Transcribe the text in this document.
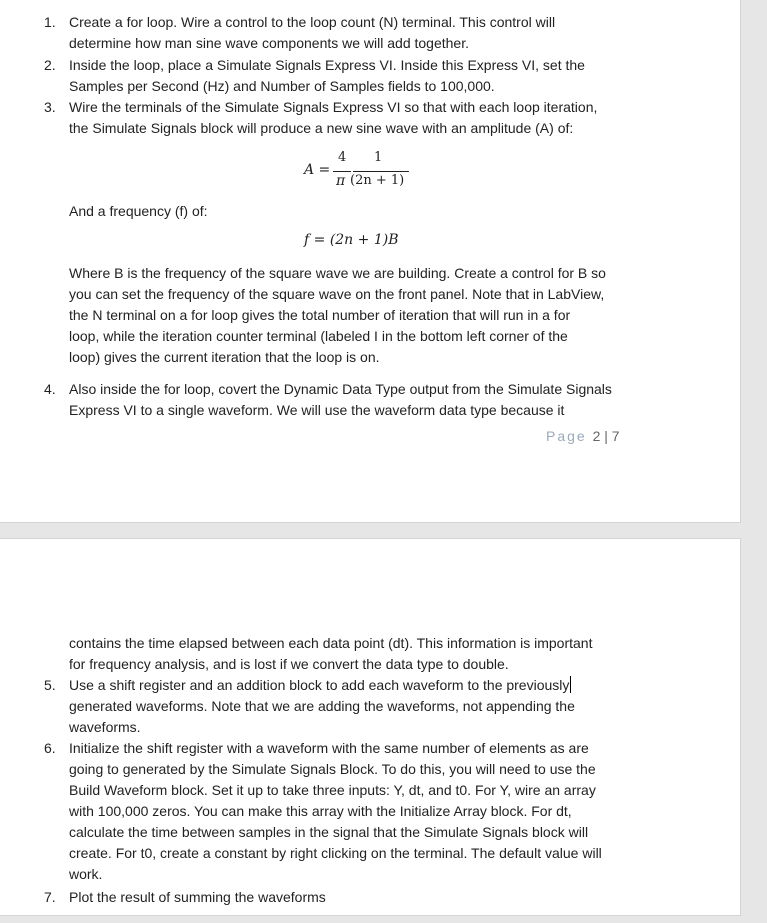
1. Create a for loop. Wire a control to the loop count (N) terminal. This control will
determine how man sine wave components we will add together.
2. Inside the loop, place a Simulate Signals Express VI. Inside this Express VI, set the
Samples per Second (Hz) and Number of Samples fields to 100,000.
3. Wire the terminals of the Simulate Signals Express VI so that with each loop iteration,
the Simulate Signals block will produce a new sine wave with an amplitude (A) of:
A =
4 1
π (2n + 1)
And a frequency (f) of:
f = (2n + 1)B
Where B is the frequency of the square wave we are building. Create a control for B so
you can set the frequency of the square wave on the front panel. Note that in LabView,
the N terminal on a for loop gives the total number of iteration that will run in a for
loop, while the iteration counter terminal (labeled I in the bottom left corner of the
loop) gives the current iteration that the loop is on.
4. Also inside the for loop, covert the Dynamic Data Type output from the Simulate Signals
Express VI to a single waveform. We will use the waveform data type because it
Page 2 | 7
contains the time elapsed between each data point (dt). This information is important
for frequency analysis, and is lost if we convert the data type to double.
5. Use a shift register and an addition block to add each waveform to the previously
generated waveforms. Note that we are adding the waveforms, not appending the
waveforms.
6. Initialize the shift register with a waveform with the same number of elements as are
going to generated by the Simulate Signals Block. To do this, you will need to use the
Build Waveform block. Set it up to take three inputs: Y, dt, and t0. For Y, wire an array
with 100,000 zeros. You can make this array with the Initialize Array block. For dt,
calculate the time between samples in the signal that the Simulate Signals block will
create. For t0, create a constant by right clicking on the terminal. The default value will
work.
7. Plot the result of summing the waveforms
